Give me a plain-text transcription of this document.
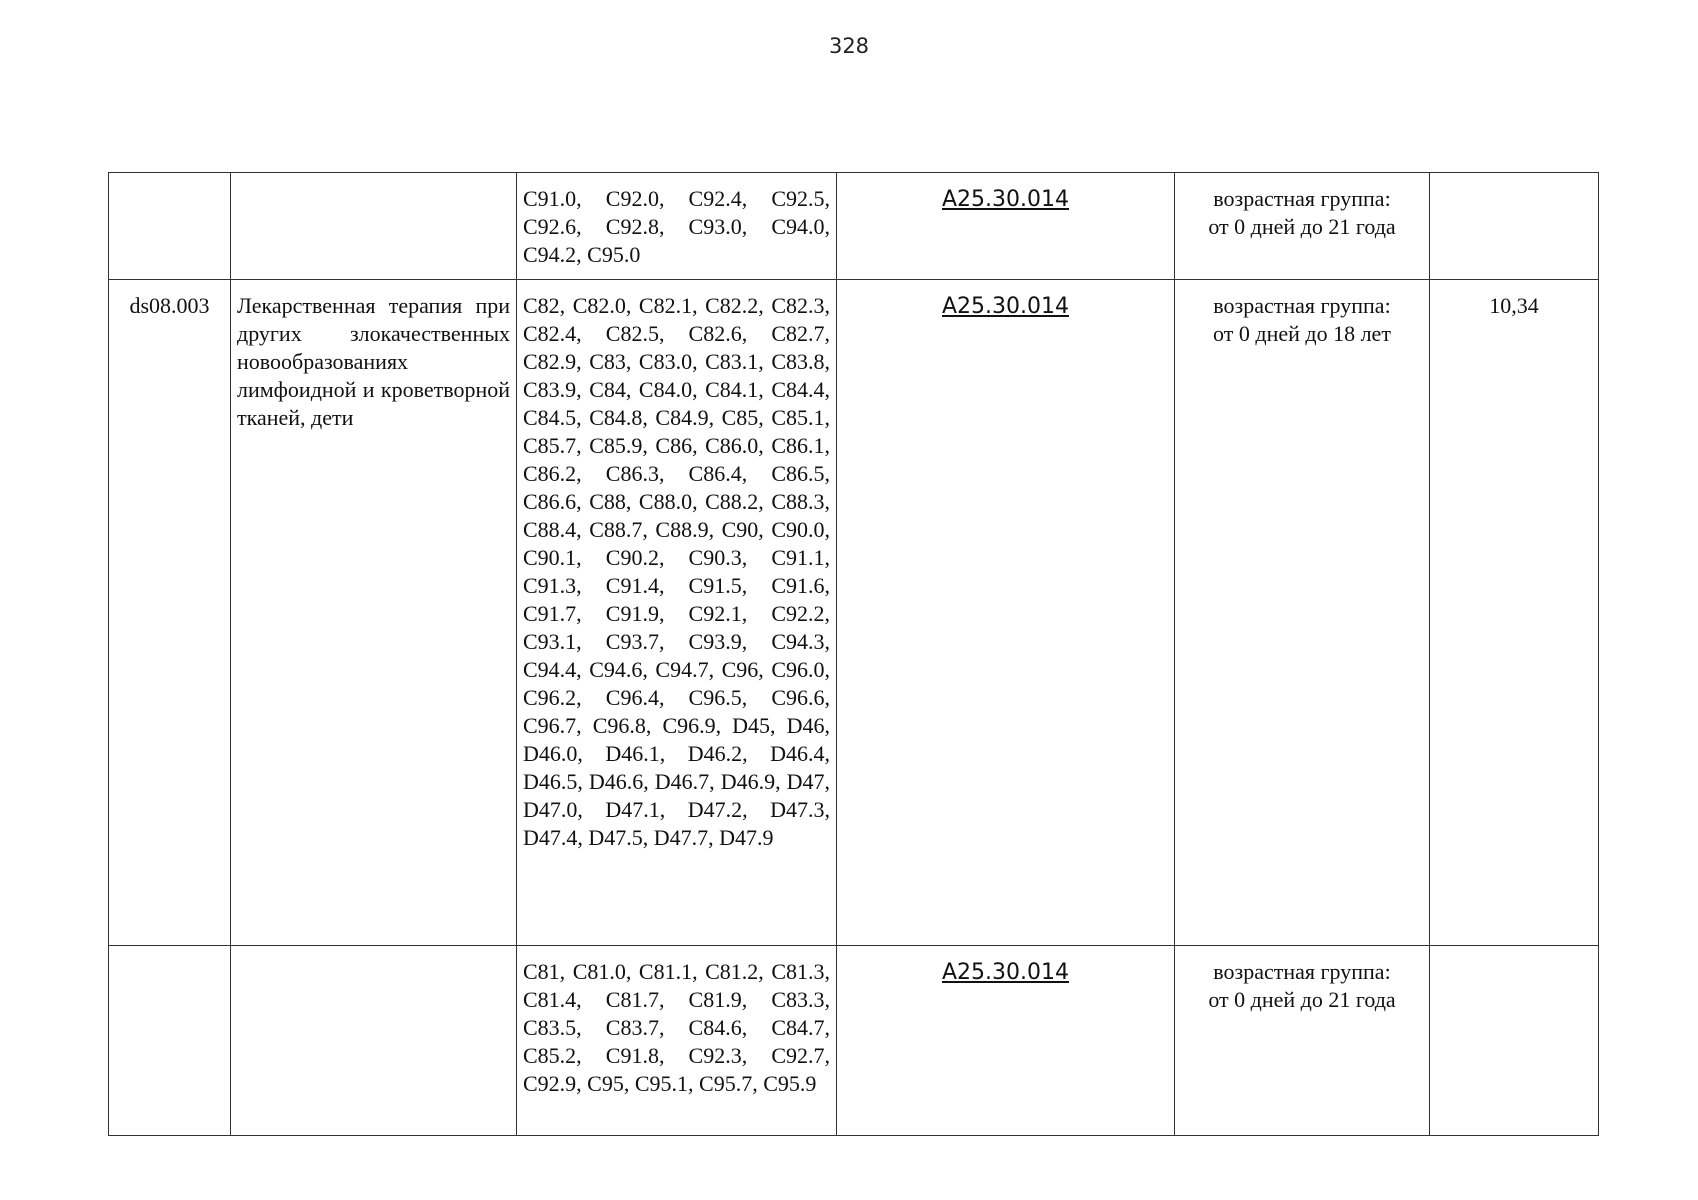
328

		C91.0, C92.0, C92.4, C92.5, C92.6, C92.8, C93.0, C94.0, C94.2, C95.0	A25.30.014	возрастная группа:
от 0 дней до 21 года	

ds08.003	Лекарственная терапия при других злокачественных новообразованиях лимфоидной и кроветворной тканей, дети	C82, C82.0, C82.1, C82.2, C82.3, C82.4, C82.5, C82.6, C82.7, C82.9, C83, C83.0, C83.1, C83.8, C83.9, C84, C84.0, C84.1, C84.4, C84.5, C84.8, C84.9, C85, C85.1, C85.7, C85.9, C86, C86.0, C86.1, C86.2, C86.3, C86.4, C86.5, C86.6, C88, C88.0, C88.2, C88.3, C88.4, C88.7, C88.9, C90, C90.0, C90.1, C90.2, C90.3, C91.1, C91.3, C91.4, C91.5, C91.6, C91.7, C91.9, C92.1, C92.2, C93.1, C93.7, C93.9, C94.3, C94.4, C94.6, C94.7, C96, C96.0, C96.2, C96.4, C96.5, C96.6, C96.7, C96.8, C96.9, D45, D46, D46.0, D46.1, D46.2, D46.4, D46.5, D46.6, D46.7, D46.9, D47, D47.0, D47.1, D47.2, D47.3, D47.4, D47.5, D47.7, D47.9	A25.30.014	возрастная группа:
от 0 дней до 18 лет	10,34

		C81, C81.0, C81.1, C81.2, C81.3, C81.4, C81.7, C81.9, C83.3, C83.5, C83.7, C84.6, C84.7, C85.2, C91.8, C92.3, C92.7, C92.9, C95, C95.1, C95.7, C95.9	A25.30.014	возрастная группа:
от 0 дней до 21 года	
